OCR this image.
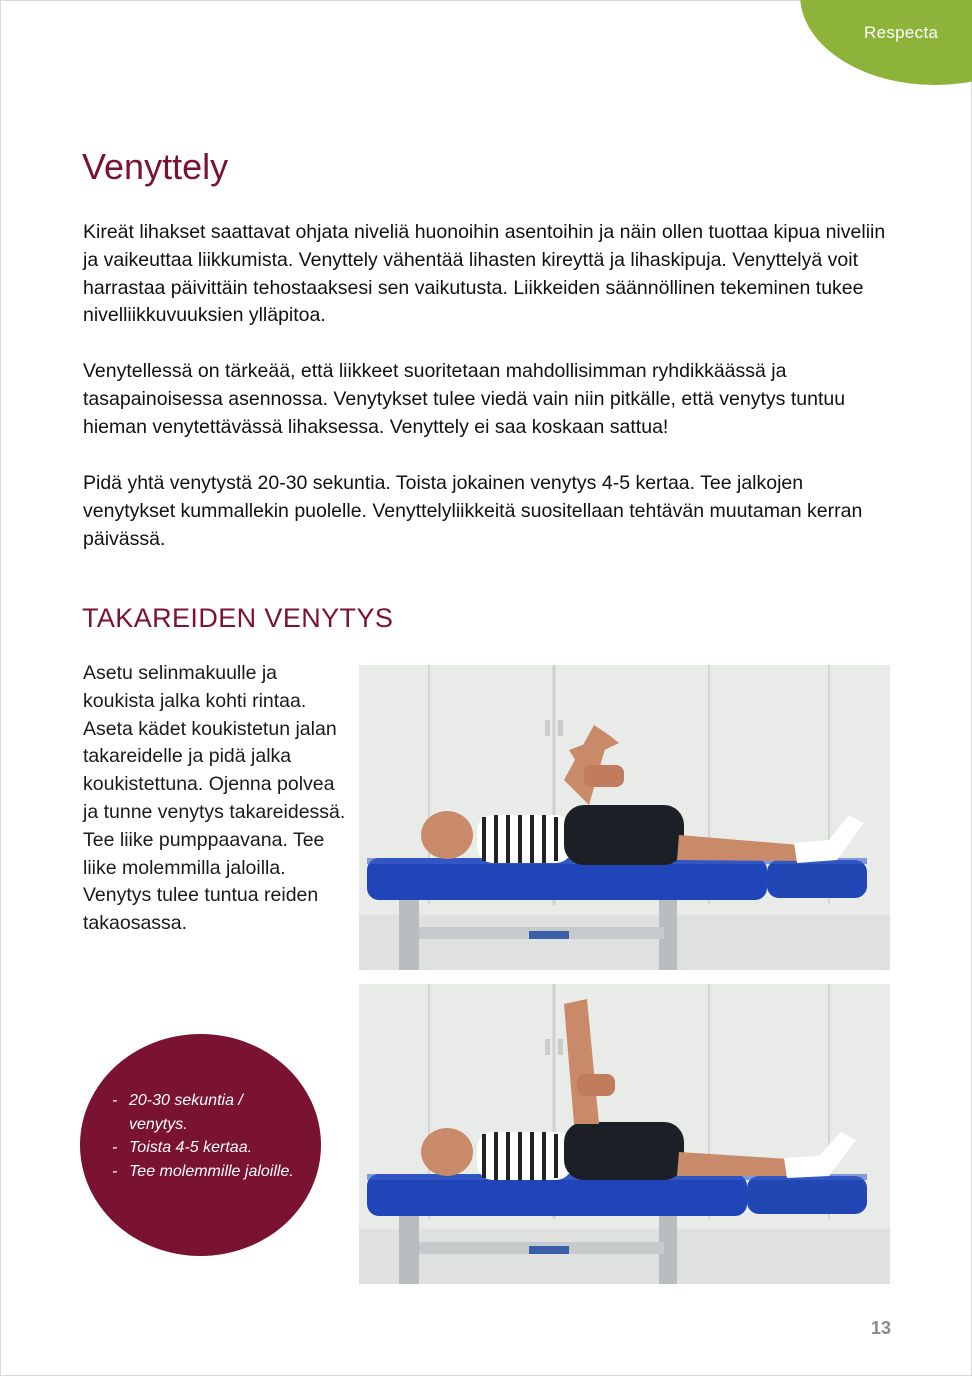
Respecta
Venyttely

Kireät lihakset saattavat ohjata niveliä huonoihin asentoihin ja näin ollen tuottaa kipua niveliin ja vaikeuttaa liikkumista. Venyttely vähentää lihasten kireyttä ja lihaskipuja. Venyttelyä voit harrastaa päivittäin tehostaaksesi sen vaikutusta. Liikkeiden säännöllinen tekeminen tukee nivelliikkuvuuksien ylläpitoa.

Venytellessä on tärkeää, että liikkeet suoritetaan mahdollisimman ryhdikkäässä ja tasapainoisessa asennossa. Venytykset tulee viedä vain niin pitkälle, että venytys tuntuu hieman venytettävässä lihaksessa. Venyttely ei saa koskaan sattua!

Pidä yhtä venytystä 20-30 sekuntia. Toista jokainen venytys 4-5 kertaa. Tee jalkojen venytykset kummallekin puolelle. Venyttelyliikkeitä suositellaan tehtävän muutaman kerran päivässä.

TAKAREIDEN VENYTYS

Asetu selinmakuulle ja koukista jalka kohti rintaa. Aseta kädet koukistetun jalan takareidelle ja pidä jalka koukistettuna. Ojenna polvea ja tunne venytys takareidessä. Tee liike pumppaavana. Tee liike molemmilla jaloilla. Venytys tulee tuntua reiden takaosassa.

- 20-30 sekuntia / venytys.
- Toista 4-5 kertaa.
- Tee molemmille jaloille.
13
